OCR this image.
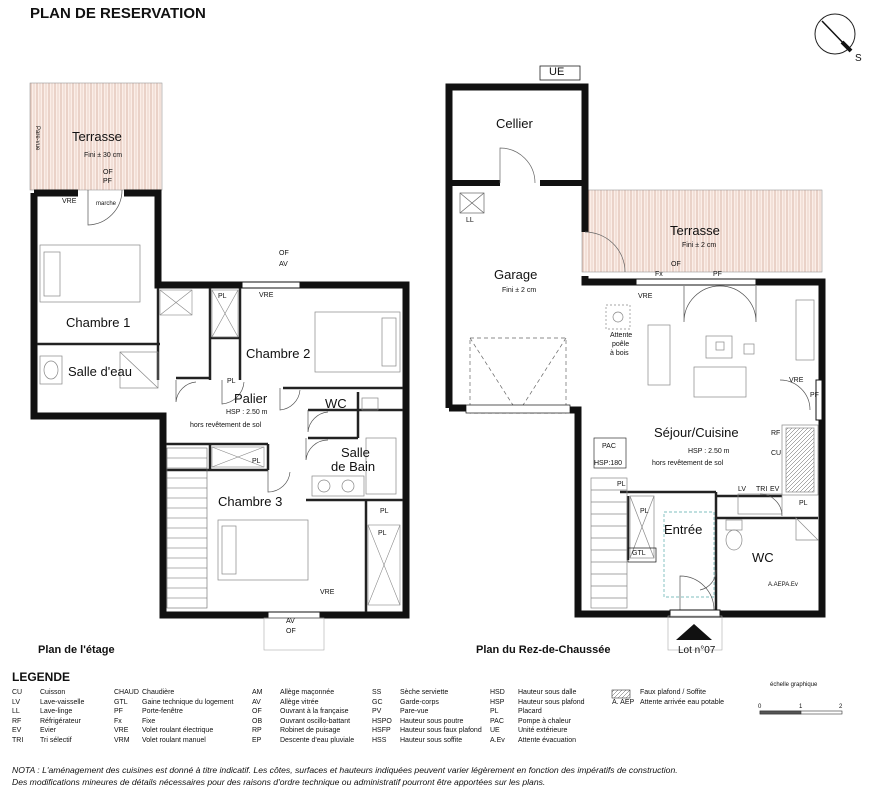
PLAN DE RESERVATION
S
Terrasse
Fini ± 30 cm
Pare-vue
OF
PF
VRE	marche
Chambre 1
Salle d'eau
Chambre 2
OF
AV
VRE
Palier
HSP : 2.50 m
hors revêtement de sol
WC
Salle
de Bain
Chambre 3
PL
PL
PL
PL
PL
VRE
AV
OF
Plan de l'étage
UE
Cellier
Garage
Fini ± 2 cm
LL
Terrasse
Fini ± 2 cm
Fx
OF
PF
VRE
Attente
poêle
à bois
Séjour/Cuisine
HSP : 2.50 m
hors revêtement de sol
PAC
HSP:180
RF
CU
LV TRI EV
VRE
PF
Entrée
GTL	WC
A.AEPA.Ev
PL
PL
PL
Plan du Rez-de-Chaussée	Lot n°07
LEGENDE
CU	Cuisson
LV	Lave-vaisselle
LL	Lave-linge
RF	Réfrigérateur
EV	Evier
TRI Tri sélectif
CHAUD Chaudière
GTL Gaine technique du logement
PF	Porte-fenêtre
Fx	Fixe
VRE Volet roulant électrique
VRM Volet roulant manuel
AM	Allège maçonnée
AV	Allège vitrée
OF	Ouvrant à la française
OB	Ouvrant oscillo-battant
RP	Robinet de puisage
EP	Descente d'eau pluviale
SS	Sèche serviette
GC	Garde-corps
PV	Pare-vue
HSPO Hauteur sous poutre
HSFP Hauteur sous faux plafond
HSS Hauteur sous soffite
HSD Hauteur sous dalle
HSP Hauteur sous plafond
PL	Placard
PAC Pompe à chaleur
UE	Unité extérieure
A.Ev Attente évacuation
Faux plafond / Soffite
A. AEP Attente arrivée eau potable
échelle graphique
0	1	2
NOTA : L'aménagement des cuisines est donné à titre indicatif. Les côtes, surfaces et hauteurs indiquées peuvent varier légèrement en fonction des impératifs de construction.
Des modifications mineures de détails nécessaires pour des raisons d'ordre technique ou administratif pourront être apportées sur les plans.
